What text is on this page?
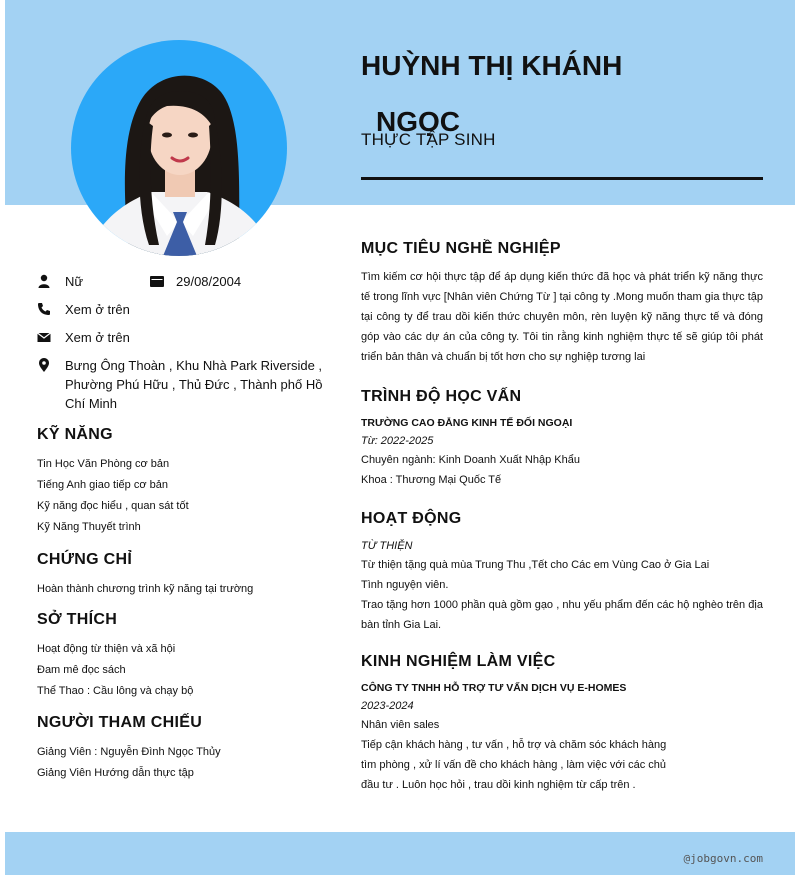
HUỲNH THỊ KHÁNH
NGỌC
THỰC TẬP SINH
Nữ	29/08/2004
Xem ở trên
Xem ở trên
Bưng Ông Thoàn , Khu Nhà Park Riverside , Phường Phú Hữu , Thủ Đức , Thành phố Hồ Chí Minh
KỸ NĂNG
Tin Học Văn Phòng cơ bản
Tiếng Anh giao tiếp cơ bản
Kỹ năng đọc hiểu , quan sát tốt
Kỹ Năng Thuyết trình
CHỨNG CHỈ
Hoàn thành chương trình kỹ năng tại trường
SỞ THÍCH
Hoạt động từ thiện và xã hội
Đam mê đọc sách
Thể Thao : Cầu lông và chạy bộ
NGƯỜI THAM CHIẾU
Giảng Viên : Nguyễn Đình Ngọc Thủy
Giảng Viên Hướng dẫn thực tập
MỤC TIÊU NGHỀ NGHIỆP
Tìm kiếm cơ hội thực tập để áp dụng kiến thức đã học và phát triển kỹ năng thực tế trong lĩnh vực [Nhân viên Chứng Từ ] tại công ty .Mong muốn tham gia thực tập tại công ty để trau dồi kiến thức chuyên môn, rèn luyện kỹ năng thực tế và đóng góp vào các dự án của công ty. Tôi tin rằng kinh nghiệm thực tế sẽ giúp tôi phát triển bản thân và chuẩn bị tốt hơn cho sự nghiệp tương lai
TRÌNH ĐỘ HỌC VẤN
TRƯỜNG CAO ĐẲNG KINH TẾ ĐỐI NGOẠI
Từ: 2022-2025
Chuyên ngành: Kinh Doanh Xuất Nhập Khẩu
Khoa : Thương Mại Quốc Tế
HOẠT ĐỘNG
TỪ THIỆN
Từ thiện tặng quà mùa Trung Thu ,Tết cho Các em Vùng Cao ở Gia Lai
Tình nguyện viên.
Trao tặng hơn 1000 phần quà gồm gạo , nhu yếu phẩm đến các hộ nghèo trên địa bàn tỉnh Gia Lai.
KINH NGHIỆM LÀM VIỆC
CÔNG TY TNHH HỖ TRỢ TƯ VẤN DỊCH VỤ E-HOMES
2023-2024
Nhân viên sales
Tiếp cận khách hàng , tư vấn , hỗ trợ và chăm sóc khách hàng
tìm phòng , xử lí vấn đề cho khách hàng , làm việc với các chủ
đầu tư . Luôn học hỏi , trau dồi kinh nghiệm từ cấp trên .
@jobgovn.com
